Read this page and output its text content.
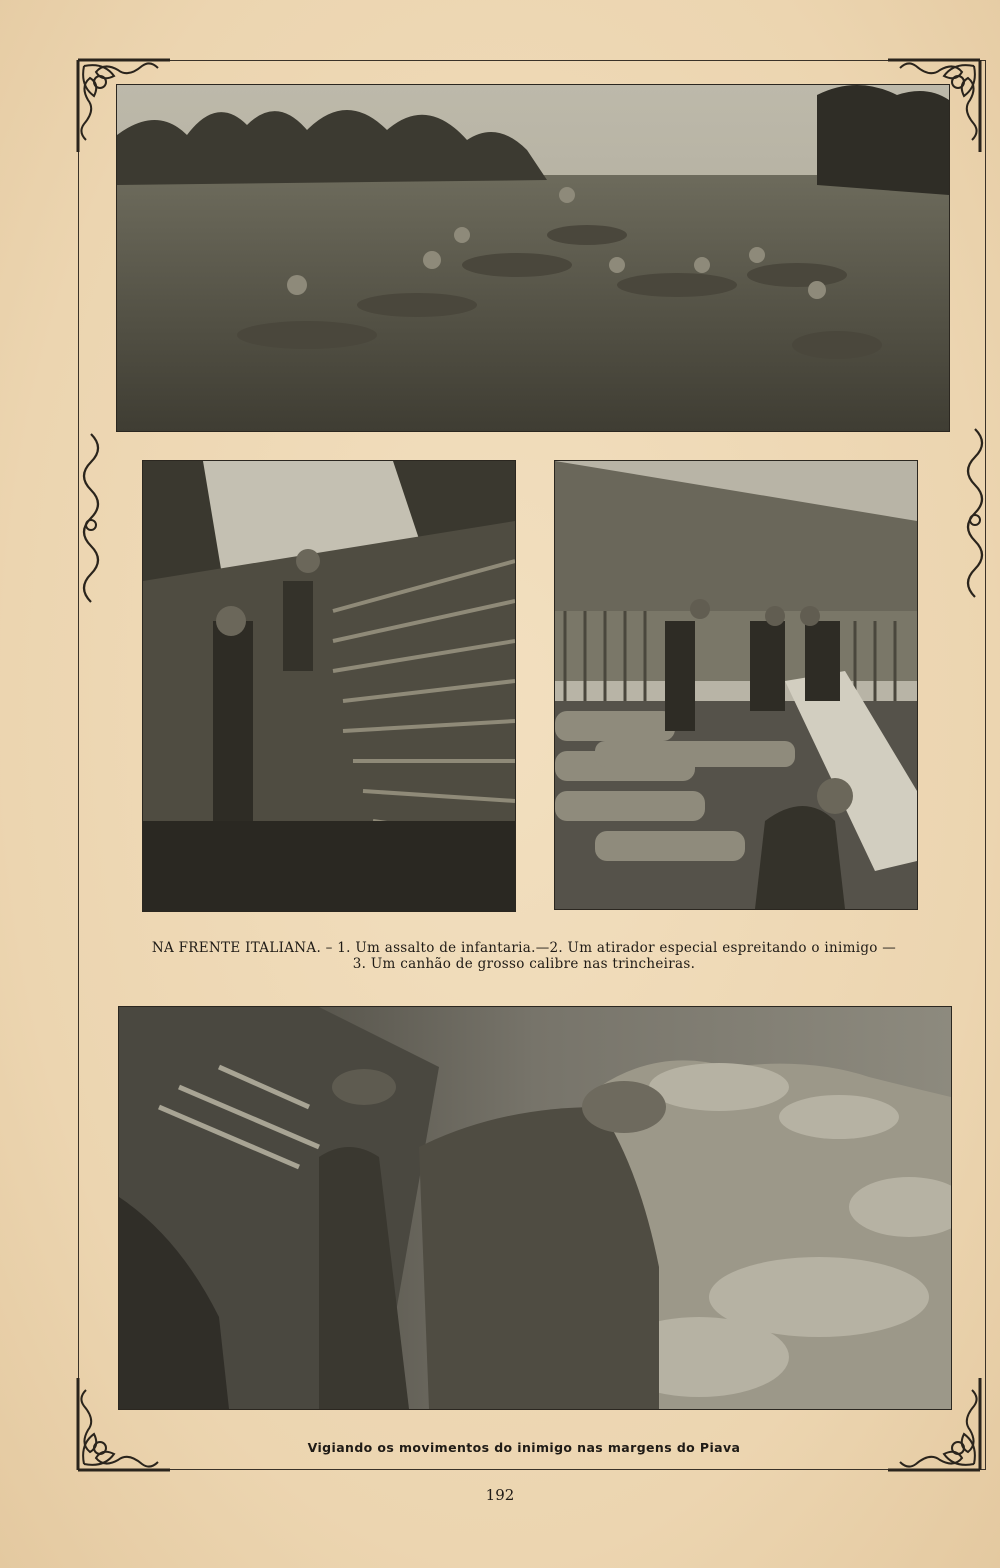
NA FRENTE ITALIANA. – 1. Um assalto de infantaria.—2. Um atirador especial espreitando o inimigo —
3. Um canhão de grosso calibre nas trincheiras.
Vigiando os movimentos do inimigo nas margens do Piava
192
